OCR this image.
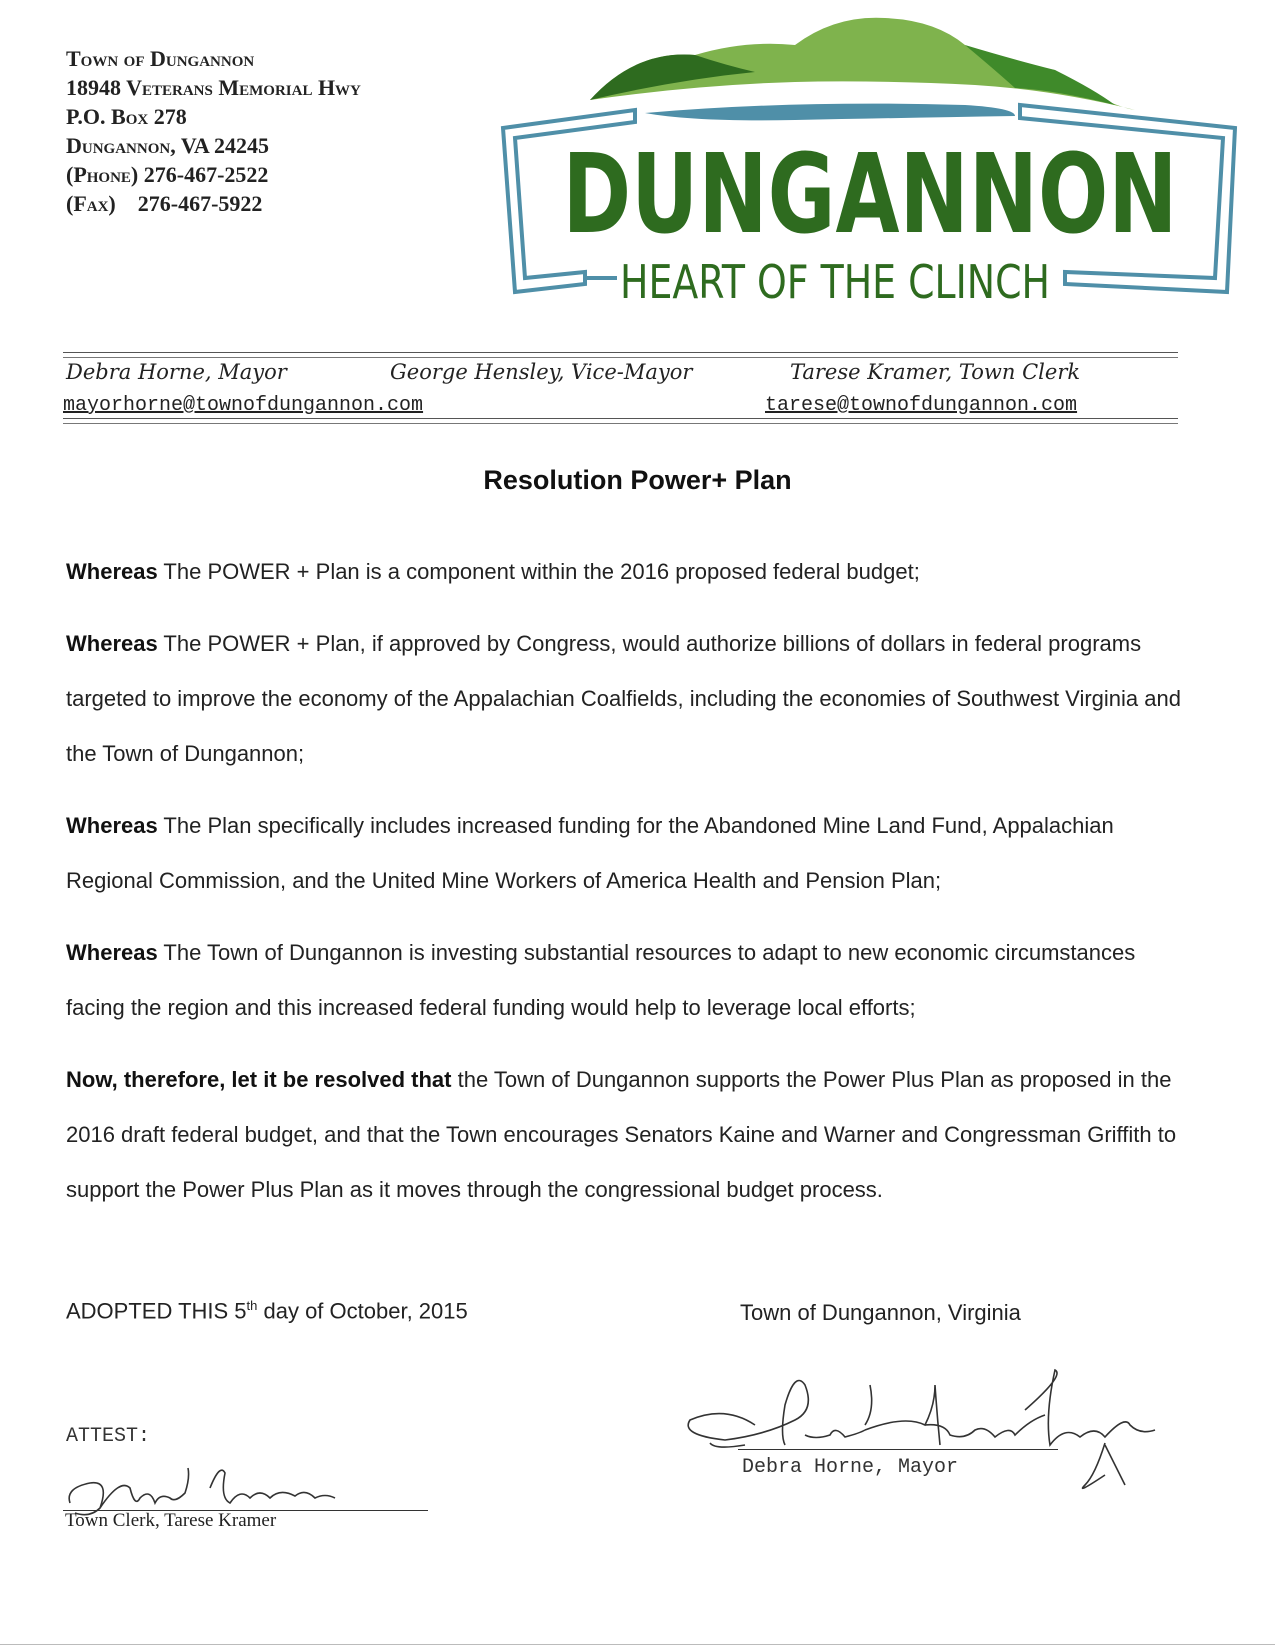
Town of Dungannon
18948 Veterans Memorial Hwy
P.O. Box 278
Dungannon, VA 24245
(Phone) 276-467-2522
(Fax)    276-467-5922	DUNGANNON
HEART OF THE CLINCH
Debra Horne, Mayor	George Hensley, Vice-Mayor	Tarese Kramer, Town Clerk
mayorhorne@townofdungannon.com	tarese@townofdungannon.com
Resolution Power+ Plan

Whereas The POWER + Plan is a component within the 2016 proposed federal budget;

Whereas The POWER + Plan, if approved by Congress, would authorize billions of dollars in federal programs targeted to improve the economy of the Appalachian Coalfields, including the economies of Southwest Virginia and the Town of Dungannon;

Whereas The Plan specifically includes increased funding for the Abandoned Mine Land Fund, Appalachian Regional Commission, and the United Mine Workers of America Health and Pension Plan;

Whereas The Town of Dungannon is investing substantial resources to adapt to new economic circumstances facing the region and this increased federal funding would help to leverage local efforts;

Now, therefore, let it be resolved that the Town of Dungannon supports the Power Plus Plan as proposed in the 2016 draft federal budget, and that the Town encourages Senators Kaine and Warner and Congressman Griffith to support the Power Plus Plan as it moves through the congressional budget process.

ADOPTED THIS 5th day of October, 2015	Town of Dungannon, Virginia
Debra Horne, Mayor
ATTEST:
Town Clerk, Tarese Kramer
